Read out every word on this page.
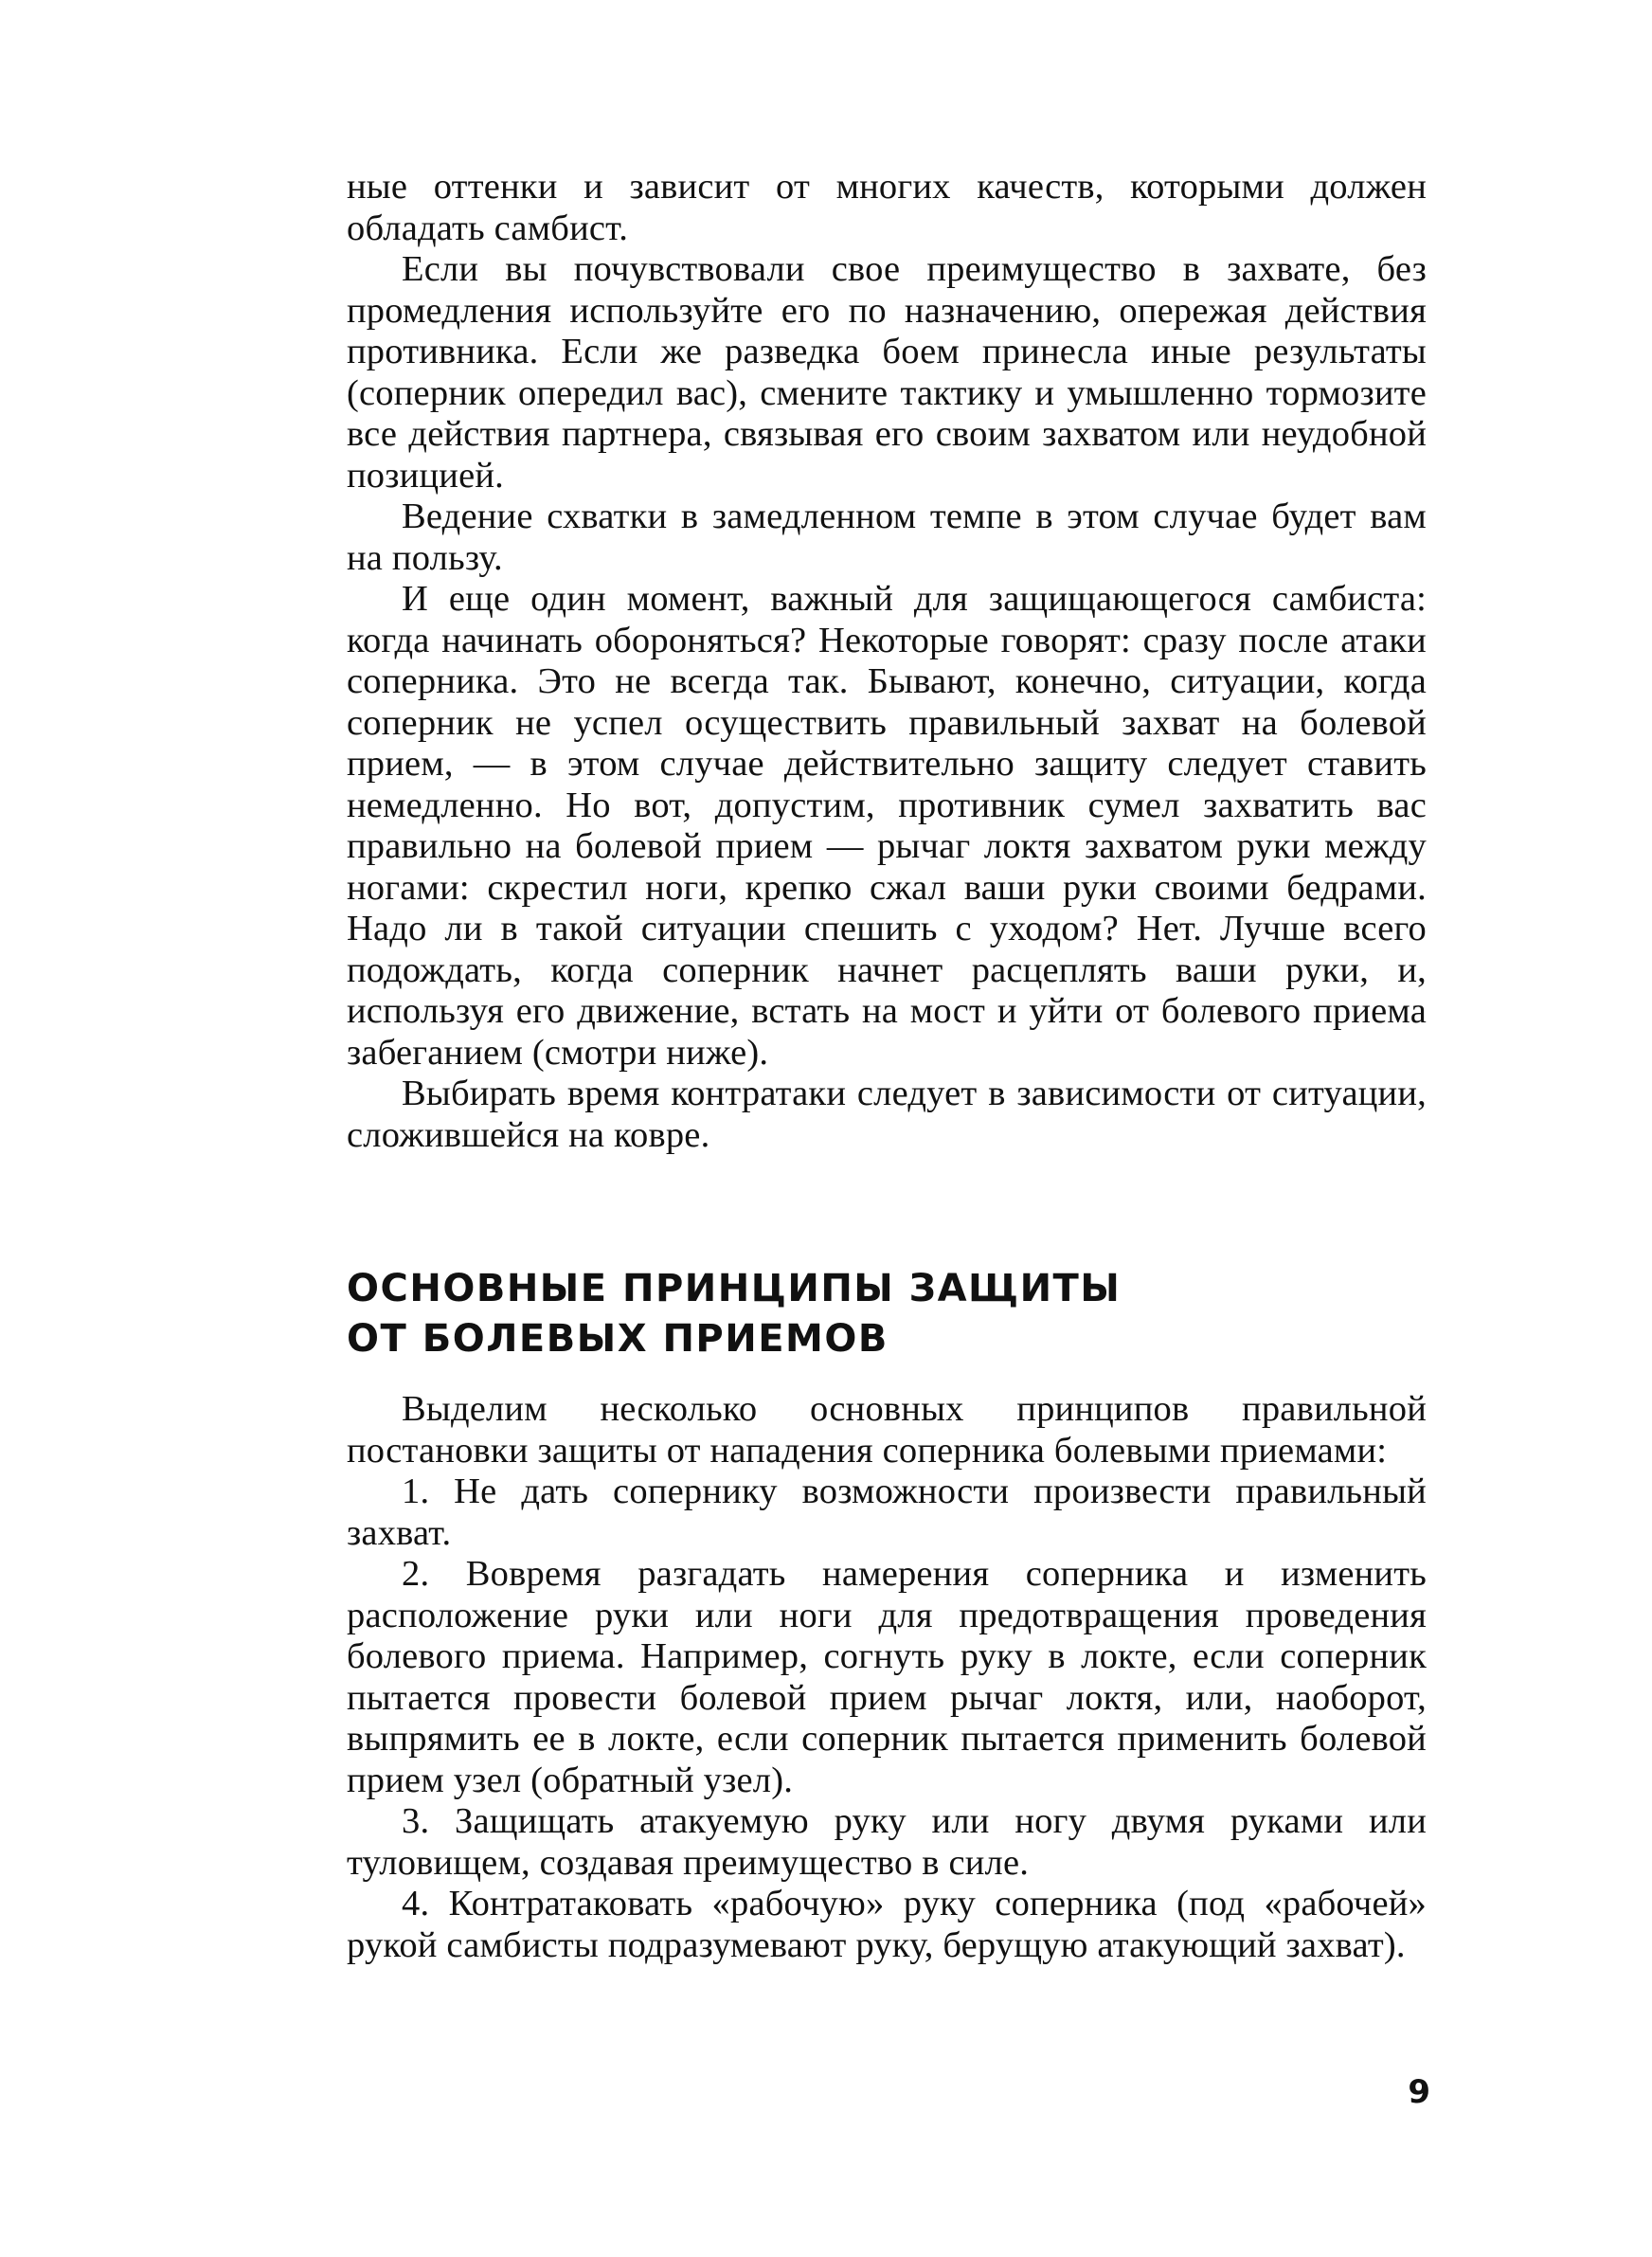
ные оттенки и зависит от многих качеств, которыми должен обладать самбист.

Если вы почувствовали свое преимущество в захвате, без промедления используйте его по назначению, опережая действия противника. Если же разведка боем принесла иные результаты (соперник опередил вас), смените тактику и умышленно тормозите все действия партнера, связывая его своим захватом или неудобной позицией.

Ведение схватки в замедленном темпе в этом случае будет вам на пользу.

И еще один момент, важный для защищающегося самбиста: когда начинать обороняться? Некоторые говорят: сразу после атаки соперника. Это не всегда так. Бывают, конечно, ситуации, когда соперник не успел осуществить правильный захват на болевой прием, — в этом случае действительно защиту следует ставить немедленно. Но вот, допустим, противник сумел захватить вас правильно на болевой прием — рычаг локтя захватом руки между ногами: скрестил ноги, крепко сжал ваши руки своими бедрами. Надо ли в такой ситуации спешить с уходом? Нет. Лучше всего подождать, когда соперник начнет расцеплять ваши руки, и, используя его движение, встать на мост и уйти от болевого приема забеганием (смотри ниже).

Выбирать время контратаки следует в зависимости от ситуации, сложившейся на ковре.

ОСНОВНЫЕ ПРИНЦИПЫ ЗАЩИТЫ
ОТ БОЛЕВЫХ ПРИЕМОВ

Выделим несколько основных принципов правильной постановки защиты от нападения соперника болевыми приемами:

1. Не дать сопернику возможности произвести правильный захват.

2. Вовремя разгадать намерения соперника и изменить расположение руки или ноги для предотвращения проведения болевого приема. Например, согнуть руку в локте, если соперник пытается провести болевой прием рычаг локтя, или, наоборот, выпрямить ее в локте, если соперник пытается применить болевой прием узел (обратный узел).

3. Защищать атакуемую руку или ногу двумя руками или туловищем, создавая преимущество в силе.

4. Контратаковать «рабочую» руку соперника (под «рабочей» рукой самбисты подразумевают руку, берущую атакующий захват).

9
